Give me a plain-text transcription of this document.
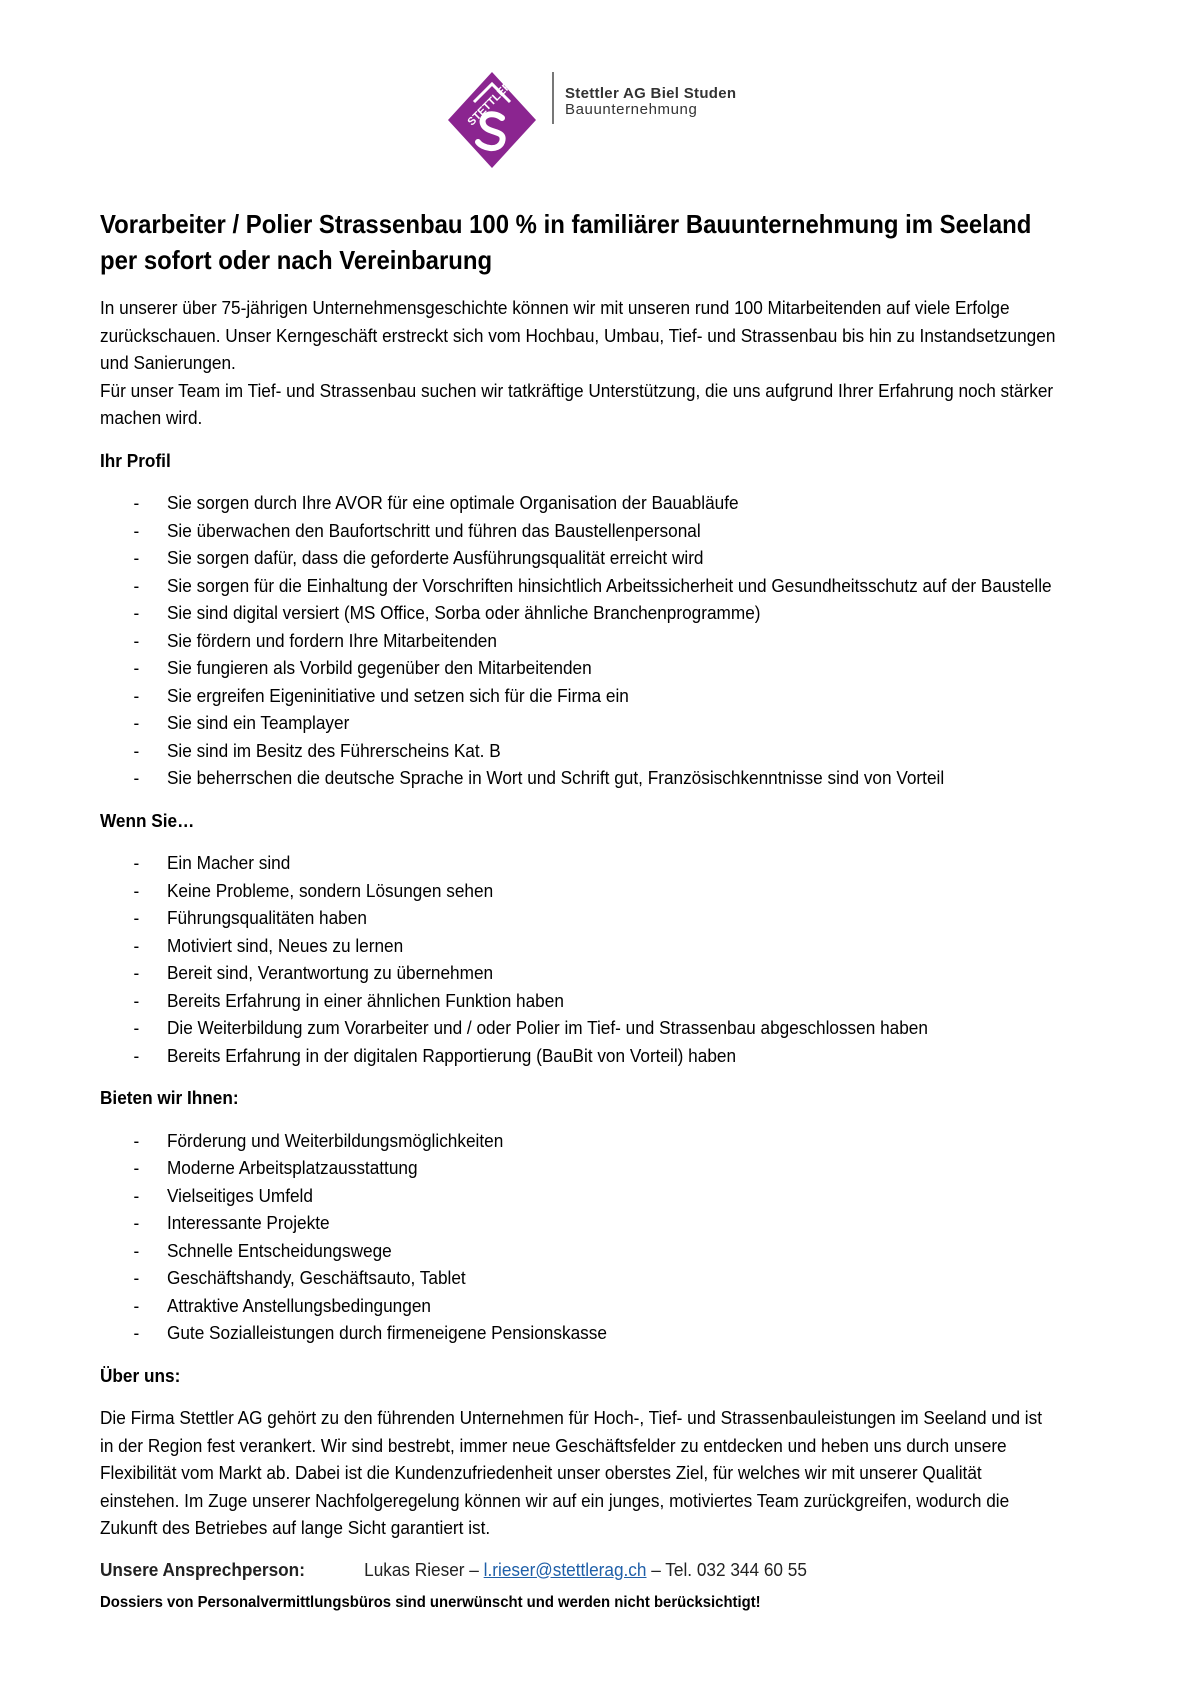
STETTLER	Stettler AG Biel Studen
Bauunternehmung
Vorarbeiter / Polier Strassenbau 100 % in familiärer Bauunternehmung im Seeland
per sofort oder nach Vereinbarung

In unserer über 75-jährigen Unternehmensgeschichte können wir mit unseren rund 100 Mitarbeitenden auf viele Erfolge
zurückschauen. Unser Kerngeschäft erstreckt sich vom Hochbau, Umbau, Tief- und Strassenbau bis hin zu Instandsetzungen
und Sanierungen.
Für unser Team im Tief- und Strassenbau suchen wir tatkräftige Unterstützung, die uns aufgrund Ihrer Erfahrung noch stärker
machen wird.

Ihr Profil
- Sie sorgen durch Ihre AVOR für eine optimale Organisation der Bauabläufe
- Sie überwachen den Baufortschritt und führen das Baustellenpersonal
- Sie sorgen dafür, dass die geforderte Ausführungsqualität erreicht wird
- Sie sorgen für die Einhaltung der Vorschriften hinsichtlich Arbeitssicherheit und Gesundheitsschutz auf der Baustelle
- Sie sind digital versiert (MS Office, Sorba oder ähnliche Branchenprogramme)
- Sie fördern und fordern Ihre Mitarbeitenden
- Sie fungieren als Vorbild gegenüber den Mitarbeitenden
- Sie ergreifen Eigeninitiative und setzen sich für die Firma ein
- Sie sind ein Teamplayer
- Sie sind im Besitz des Führerscheins Kat. B
- Sie beherrschen die deutsche Sprache in Wort und Schrift gut, Französischkenntnisse sind von Vorteil
Wenn Sie…
- Ein Macher sind
- Keine Probleme, sondern Lösungen sehen
- Führungsqualitäten haben
- Motiviert sind, Neues zu lernen
- Bereit sind, Verantwortung zu übernehmen
- Bereits Erfahrung in einer ähnlichen Funktion haben
- Die Weiterbildung zum Vorarbeiter und / oder Polier im Tief- und Strassenbau abgeschlossen haben
- Bereits Erfahrung in der digitalen Rapportierung (BauBit von Vorteil) haben
Bieten wir Ihnen:
- Förderung und Weiterbildungsmöglichkeiten
- Moderne Arbeitsplatzausstattung
- Vielseitiges Umfeld
- Interessante Projekte
- Schnelle Entscheidungswege
- Geschäftshandy, Geschäftsauto, Tablet
- Attraktive Anstellungsbedingungen
- Gute Sozialleistungen durch firmeneigene Pensionskasse
Über uns:

Die Firma Stettler AG gehört zu den führenden Unternehmen für Hoch-, Tief- und Strassenbauleistungen im Seeland und ist
in der Region fest verankert. Wir sind bestrebt, immer neue Geschäftsfelder zu entdecken und heben uns durch unsere
Flexibilität vom Markt ab. Dabei ist die Kundenzufriedenheit unser oberstes Ziel, für welches wir mit unserer Qualität
einstehen. Im Zuge unserer Nachfolgeregelung können wir auf ein junges, motiviertes Team zurückgreifen, wodurch die
Zukunft des Betriebes auf lange Sicht garantiert ist.

Unsere Ansprechperson:	Lukas Rieser – l.rieser@stettlerag.ch – Tel. 032 344 60 55
Dossiers von Personalvermittlungsbüros sind unerwünscht und werden nicht berücksichtigt!
